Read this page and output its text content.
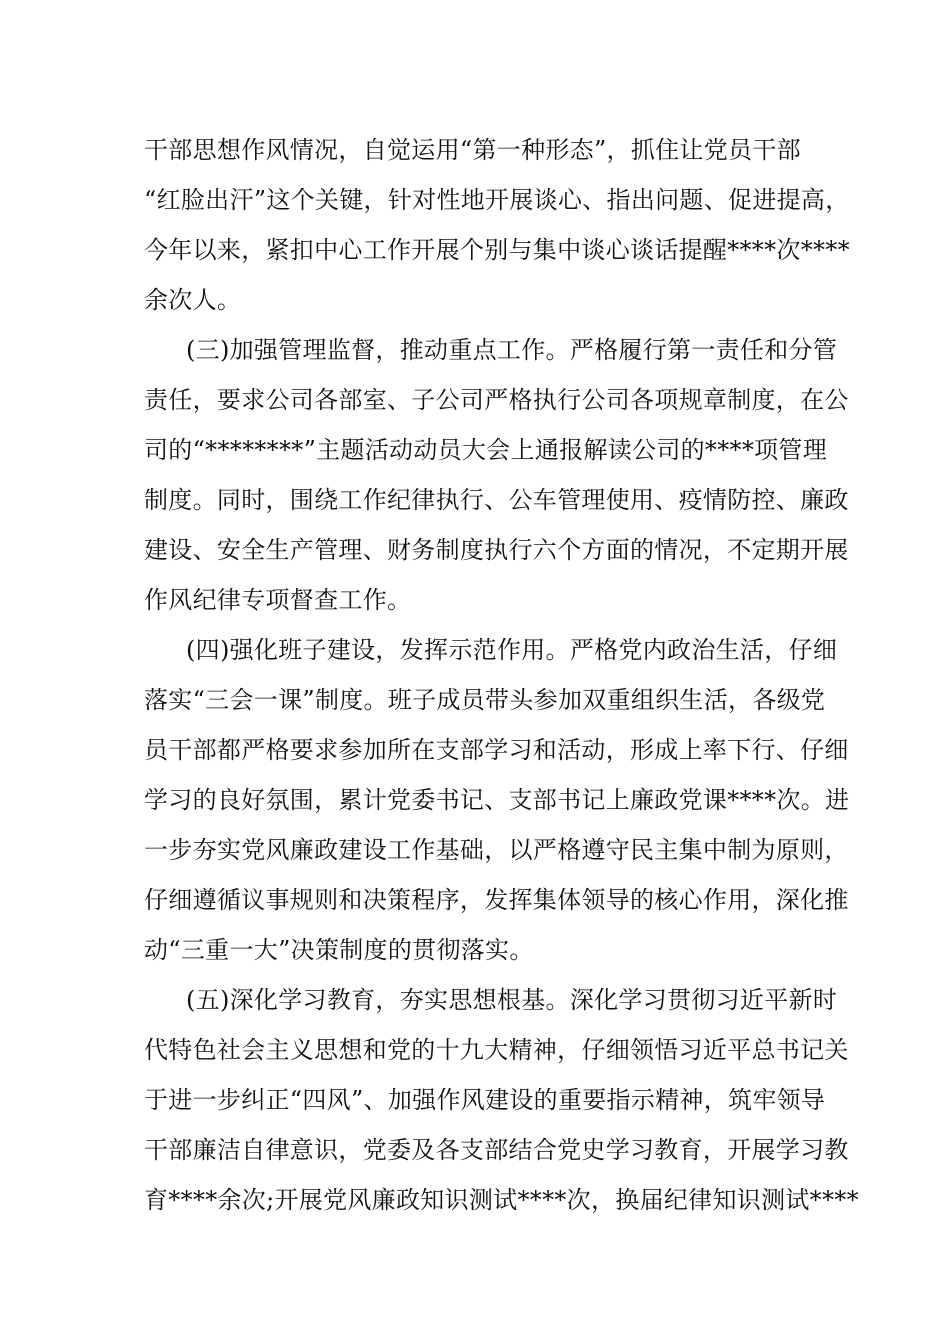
干部思想作风情况，自觉运用“第一种形态”，抓住让党员干部
“红脸出汗”这个关键，针对性地开展谈心、指出问题、促进提高，
今年以来，紧扣中心工作开展个别与集中谈心谈话提醒****次****
余次人。
(三)加强管理监督，推动重点工作。严格履行第一责任和分管
责任，要求公司各部室、子公司严格执行公司各项规章制度，在公
司的“********”主题活动动员大会上通报解读公司的****项管理
制度。同时，围绕工作纪律执行、公车管理使用、疫情防控、廉政
建设、安全生产管理、财务制度执行六个方面的情况，不定期开展
作风纪律专项督查工作。
(四)强化班子建设，发挥示范作用。严格党内政治生活，仔细
落实“三会一课”制度。班子成员带头参加双重组织生活，各级党
员干部都严格要求参加所在支部学习和活动，形成上率下行、仔细
学习的良好氛围，累计党委书记、支部书记上廉政党课****次。进
一步夯实党风廉政建设工作基础，以严格遵守民主集中制为原则，
仔细遵循议事规则和决策程序，发挥集体领导的核心作用，深化推
动“三重一大”决策制度的贯彻落实。
(五)深化学习教育，夯实思想根基。深化学习贯彻习近平新时
代特色社会主义思想和党的十九大精神，仔细领悟习近平总书记关
于进一步纠正“四风”、加强作风建设的重要指示精神，筑牢领导
干部廉洁自律意识，党委及各支部结合党史学习教育，开展学习教
育****余次;开展党风廉政知识测试****次，换届纪律知识测试****
